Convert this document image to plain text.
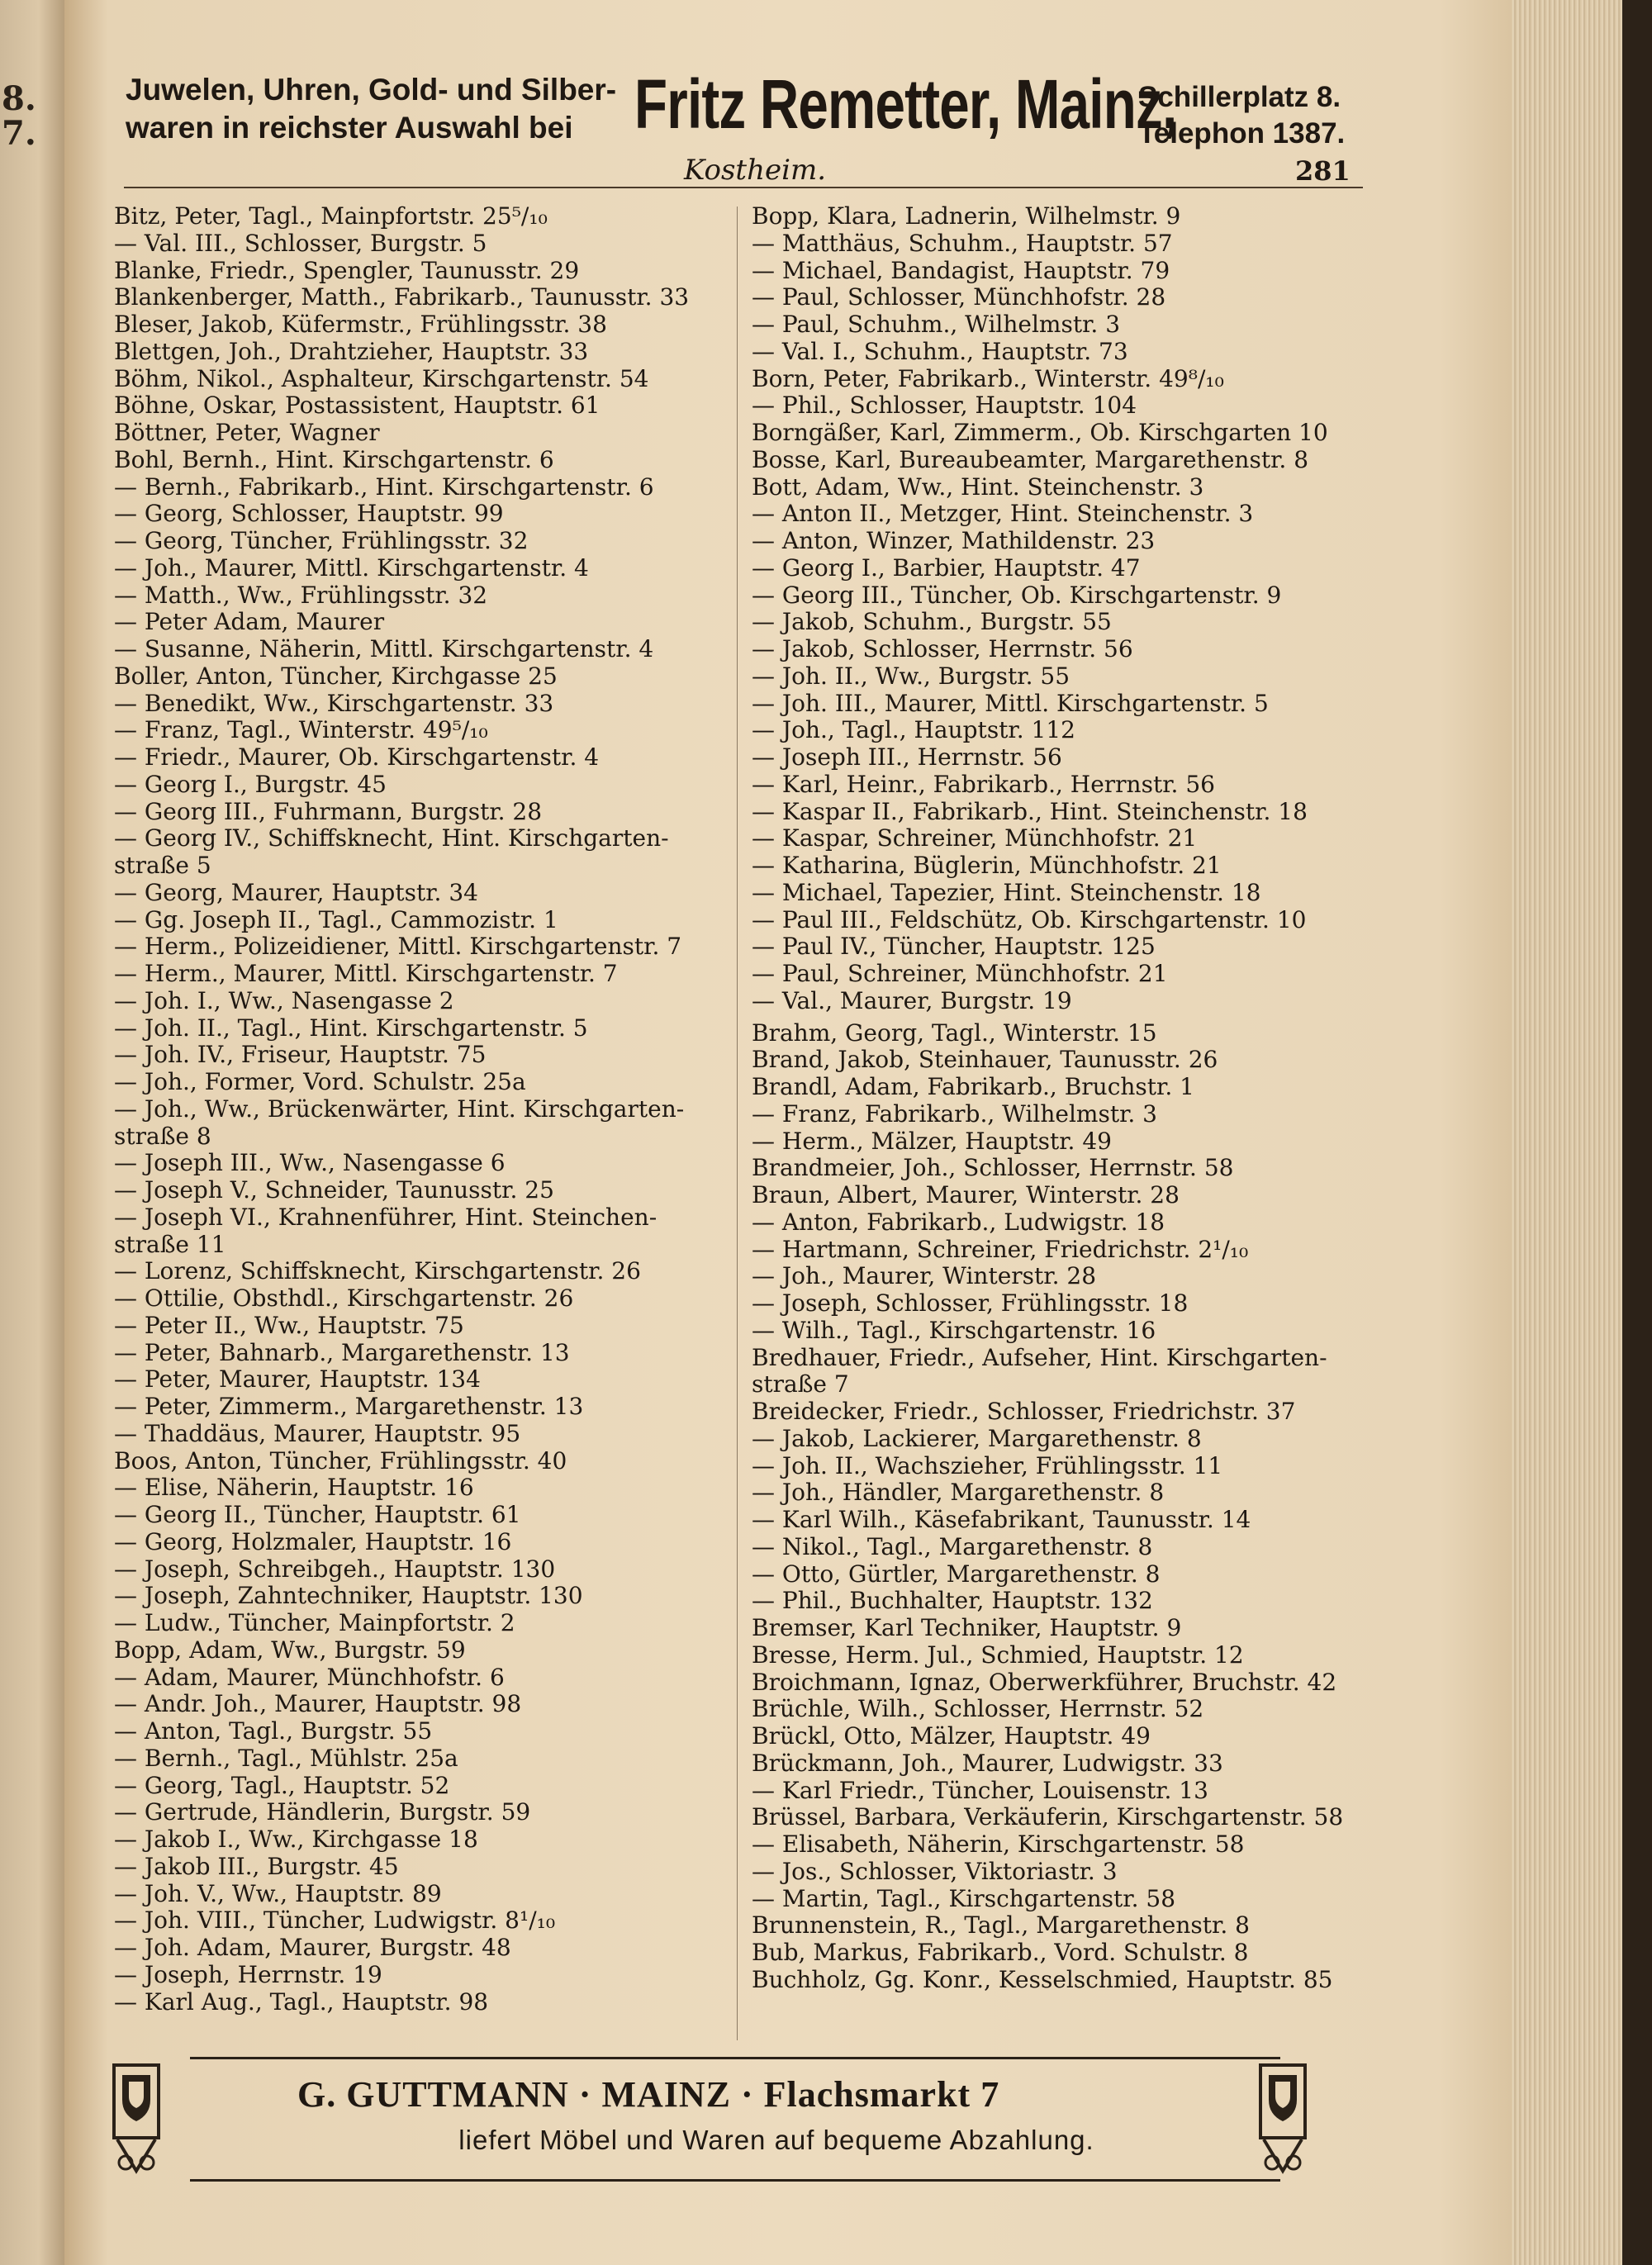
8.
7.
Juwelen, Uhren, Gold- und Silber-
waren in reichster Auswahl bei Fritz Remetter, Mainz,
Schillerplatz 8.
Telephon 1387.
Kostheim.	281
Bitz, Peter, Tagl., Mainpfortstr. 25⁵/₁₀
— Val. III., Schlosser, Burgstr. 5
Blanke, Friedr., Spengler, Taunusstr. 29
Blankenberger, Matth., Fabrikarb., Taunusstr. 33
Bleser, Jakob, Küfermstr., Frühlingsstr. 38
Blettgen, Joh., Drahtzieher, Hauptstr. 33
Böhm, Nikol., Asphalteur, Kirschgartenstr. 54
Böhne, Oskar, Postassistent, Hauptstr. 61
Böttner, Peter, Wagner
Bohl, Bernh., Hint. Kirschgartenstr. 6
— Bernh., Fabrikarb., Hint. Kirschgartenstr. 6
— Georg, Schlosser, Hauptstr. 99
— Georg, Tüncher, Frühlingsstr. 32
— Joh., Maurer, Mittl. Kirschgartenstr. 4
— Matth., Ww., Frühlingsstr. 32
— Peter Adam, Maurer
— Susanne, Näherin, Mittl. Kirschgartenstr. 4
Boller, Anton, Tüncher, Kirchgasse 25
— Benedikt, Ww., Kirschgartenstr. 33
— Franz, Tagl., Winterstr. 49⁵/₁₀
— Friedr., Maurer, Ob. Kirschgartenstr. 4
— Georg I., Burgstr. 45
— Georg III., Fuhrmann, Burgstr. 28
— Georg IV., Schiffsknecht, Hint. Kirschgarten-
straße 5
— Georg, Maurer, Hauptstr. 34
— Gg. Joseph II., Tagl., Cammozistr. 1
— Herm., Polizeidiener, Mittl. Kirschgartenstr. 7
— Herm., Maurer, Mittl. Kirschgartenstr. 7
— Joh. I., Ww., Nasengasse 2
— Joh. II., Tagl., Hint. Kirschgartenstr. 5
— Joh. IV., Friseur, Hauptstr. 75
— Joh., Former, Vord. Schulstr. 25a
— Joh., Ww., Brückenwärter, Hint. Kirschgarten-
straße 8
— Joseph III., Ww., Nasengasse 6
— Joseph V., Schneider, Taunusstr. 25
— Joseph VI., Krahnenführer, Hint. Steinchen-
straße 11
— Lorenz, Schiffsknecht, Kirschgartenstr. 26
— Ottilie, Obsthdl., Kirschgartenstr. 26
— Peter II., Ww., Hauptstr. 75
— Peter, Bahnarb., Margarethenstr. 13
— Peter, Maurer, Hauptstr. 134
— Peter, Zimmerm., Margarethenstr. 13
— Thaddäus, Maurer, Hauptstr. 95
Boos, Anton, Tüncher, Frühlingsstr. 40
— Elise, Näherin, Hauptstr. 16
— Georg II., Tüncher, Hauptstr. 61
— Georg, Holzmaler, Hauptstr. 16
— Joseph, Schreibgeh., Hauptstr. 130
— Joseph, Zahntechniker, Hauptstr. 130
— Ludw., Tüncher, Mainpfortstr. 2
Bopp, Adam, Ww., Burgstr. 59
— Adam, Maurer, Münchhofstr. 6
— Andr. Joh., Maurer, Hauptstr. 98
— Anton, Tagl., Burgstr. 55
— Bernh., Tagl., Mühlstr. 25a
— Georg, Tagl., Hauptstr. 52
— Gertrude, Händlerin, Burgstr. 59
— Jakob I., Ww., Kirchgasse 18
— Jakob III., Burgstr. 45
— Joh. V., Ww., Hauptstr. 89
— Joh. VIII., Tüncher, Ludwigstr. 8¹/₁₀
— Joh. Adam, Maurer, Burgstr. 48
— Joseph, Herrnstr. 19
— Karl Aug., Tagl., Hauptstr. 98
Bopp, Klara, Ladnerin, Wilhelmstr. 9
— Matthäus, Schuhm., Hauptstr. 57
— Michael, Bandagist, Hauptstr. 79
— Paul, Schlosser, Münchhofstr. 28
— Paul, Schuhm., Wilhelmstr. 3
— Val. I., Schuhm., Hauptstr. 73
Born, Peter, Fabrikarb., Winterstr. 49⁸/₁₀
— Phil., Schlosser, Hauptstr. 104
Borngäßer, Karl, Zimmerm., Ob. Kirschgarten 10
Bosse, Karl, Bureaubeamter, Margarethenstr. 8
Bott, Adam, Ww., Hint. Steinchenstr. 3
— Anton II., Metzger, Hint. Steinchenstr. 3
— Anton, Winzer, Mathildenstr. 23
— Georg I., Barbier, Hauptstr. 47
— Georg III., Tüncher, Ob. Kirschgartenstr. 9
— Jakob, Schuhm., Burgstr. 55
— Jakob, Schlosser, Herrnstr. 56
— Joh. II., Ww., Burgstr. 55
— Joh. III., Maurer, Mittl. Kirschgartenstr. 5
— Joh., Tagl., Hauptstr. 112
— Joseph III., Herrnstr. 56
— Karl, Heinr., Fabrikarb., Herrnstr. 56
— Kaspar II., Fabrikarb., Hint. Steinchenstr. 18
— Kaspar, Schreiner, Münchhofstr. 21
— Katharina, Büglerin, Münchhofstr. 21
— Michael, Tapezier, Hint. Steinchenstr. 18
— Paul III., Feldschütz, Ob. Kirschgartenstr. 10
— Paul IV., Tüncher, Hauptstr. 125
— Paul, Schreiner, Münchhofstr. 21
— Val., Maurer, Burgstr. 19
Brahm, Georg, Tagl., Winterstr. 15
Brand, Jakob, Steinhauer, Taunusstr. 26
Brandl, Adam, Fabrikarb., Bruchstr. 1
— Franz, Fabrikarb., Wilhelmstr. 3
— Herm., Mälzer, Hauptstr. 49
Brandmeier, Joh., Schlosser, Herrnstr. 58
Braun, Albert, Maurer, Winterstr. 28
— Anton, Fabrikarb., Ludwigstr. 18
— Hartmann, Schreiner, Friedrichstr. 2¹/₁₀
— Joh., Maurer, Winterstr. 28
— Joseph, Schlosser, Frühlingsstr. 18
— Wilh., Tagl., Kirschgartenstr. 16
Bredhauer, Friedr., Aufseher, Hint. Kirschgarten-
straße 7
Breidecker, Friedr., Schlosser, Friedrichstr. 37
— Jakob, Lackierer, Margarethenstr. 8
— Joh. II., Wachszieher, Frühlingsstr. 11
— Joh., Händler, Margarethenstr. 8
— Karl Wilh., Käsefabrikant, Taunusstr. 14
— Nikol., Tagl., Margarethenstr. 8
— Otto, Gürtler, Margarethenstr. 8
— Phil., Buchhalter, Hauptstr. 132
Bremser, Karl Techniker, Hauptstr. 9
Bresse, Herm. Jul., Schmied, Hauptstr. 12
Broichmann, Ignaz, Oberwerkführer, Bruchstr. 42
Brüchle, Wilh., Schlosser, Herrnstr. 52
Brückl, Otto, Mälzer, Hauptstr. 49
Brückmann, Joh., Maurer, Ludwigstr. 33
— Karl Friedr., Tüncher, Louisenstr. 13
Brüssel, Barbara, Verkäuferin, Kirschgartenstr. 58
— Elisabeth, Näherin, Kirschgartenstr. 58
— Jos., Schlosser, Viktoriastr. 3
— Martin, Tagl., Kirschgartenstr. 58
Brunnenstein, R., Tagl., Margarethenstr. 8
Bub, Markus, Fabrikarb., Vord. Schulstr. 8
Buchholz, Gg. Konr., Kesselschmied, Hauptstr. 85
G. GUTTMANN · MAINZ · Flachsmarkt 7
liefert Möbel und Waren auf bequeme Abzahlung.
